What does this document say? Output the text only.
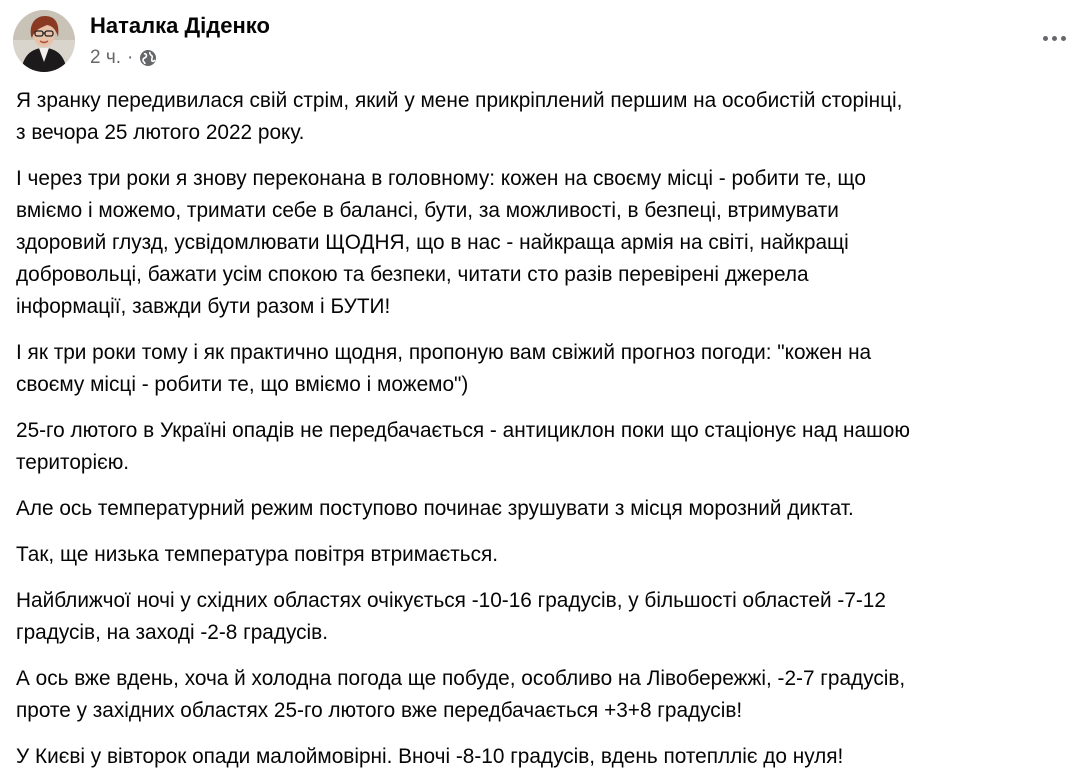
Наталка Діденко
2 ч. ·

Я зранку передивилася свій стрім, який у мене прикріплений першим на особистій сторінці,
з вечора 25 лютого 2022 року.

І через три роки я знову переконана в головному: кожен на своєму місці - робити те, що
вміємо і можемо, тримати себе в балансі, бути, за можливості, в безпеці, втримувати
здоровий глузд, усвідомлювати ЩОДНЯ, що в нас - найкраща армія на світі, найкращі
добровольці, бажати усім спокою та безпеки, читати сто разів перевірені джерела
інформації, завжди бути разом і БУТИ!

І як три роки тому і як практично щодня, пропоную вам свіжий прогноз погоди: "кожен на
своєму місці - робити те, що вміємо і можемо")

25-го лютого в Україні опадів не передбачається - антициклон поки що стаціонує над нашою
територією.

Але ось температурний режим поступово починає зрушувати з місця морозний диктат.

Так, ще низька температура повітря втримається.

Найближчої ночі у східних областях очікується -10-16 градусів, у більшості областей -7-12
градусів, на заході -2-8 градусів.

А ось вже вдень, хоча й холодна погода ще побуде, особливо на Лівобережжі, -2-7 градусів,
проте у західних областях 25-го лютого вже передбачається +3+8 градусів!

У Києві у вівторок опади малоймовірні. Вночі -8-10 градусів, вдень потеплліє до нуля!
